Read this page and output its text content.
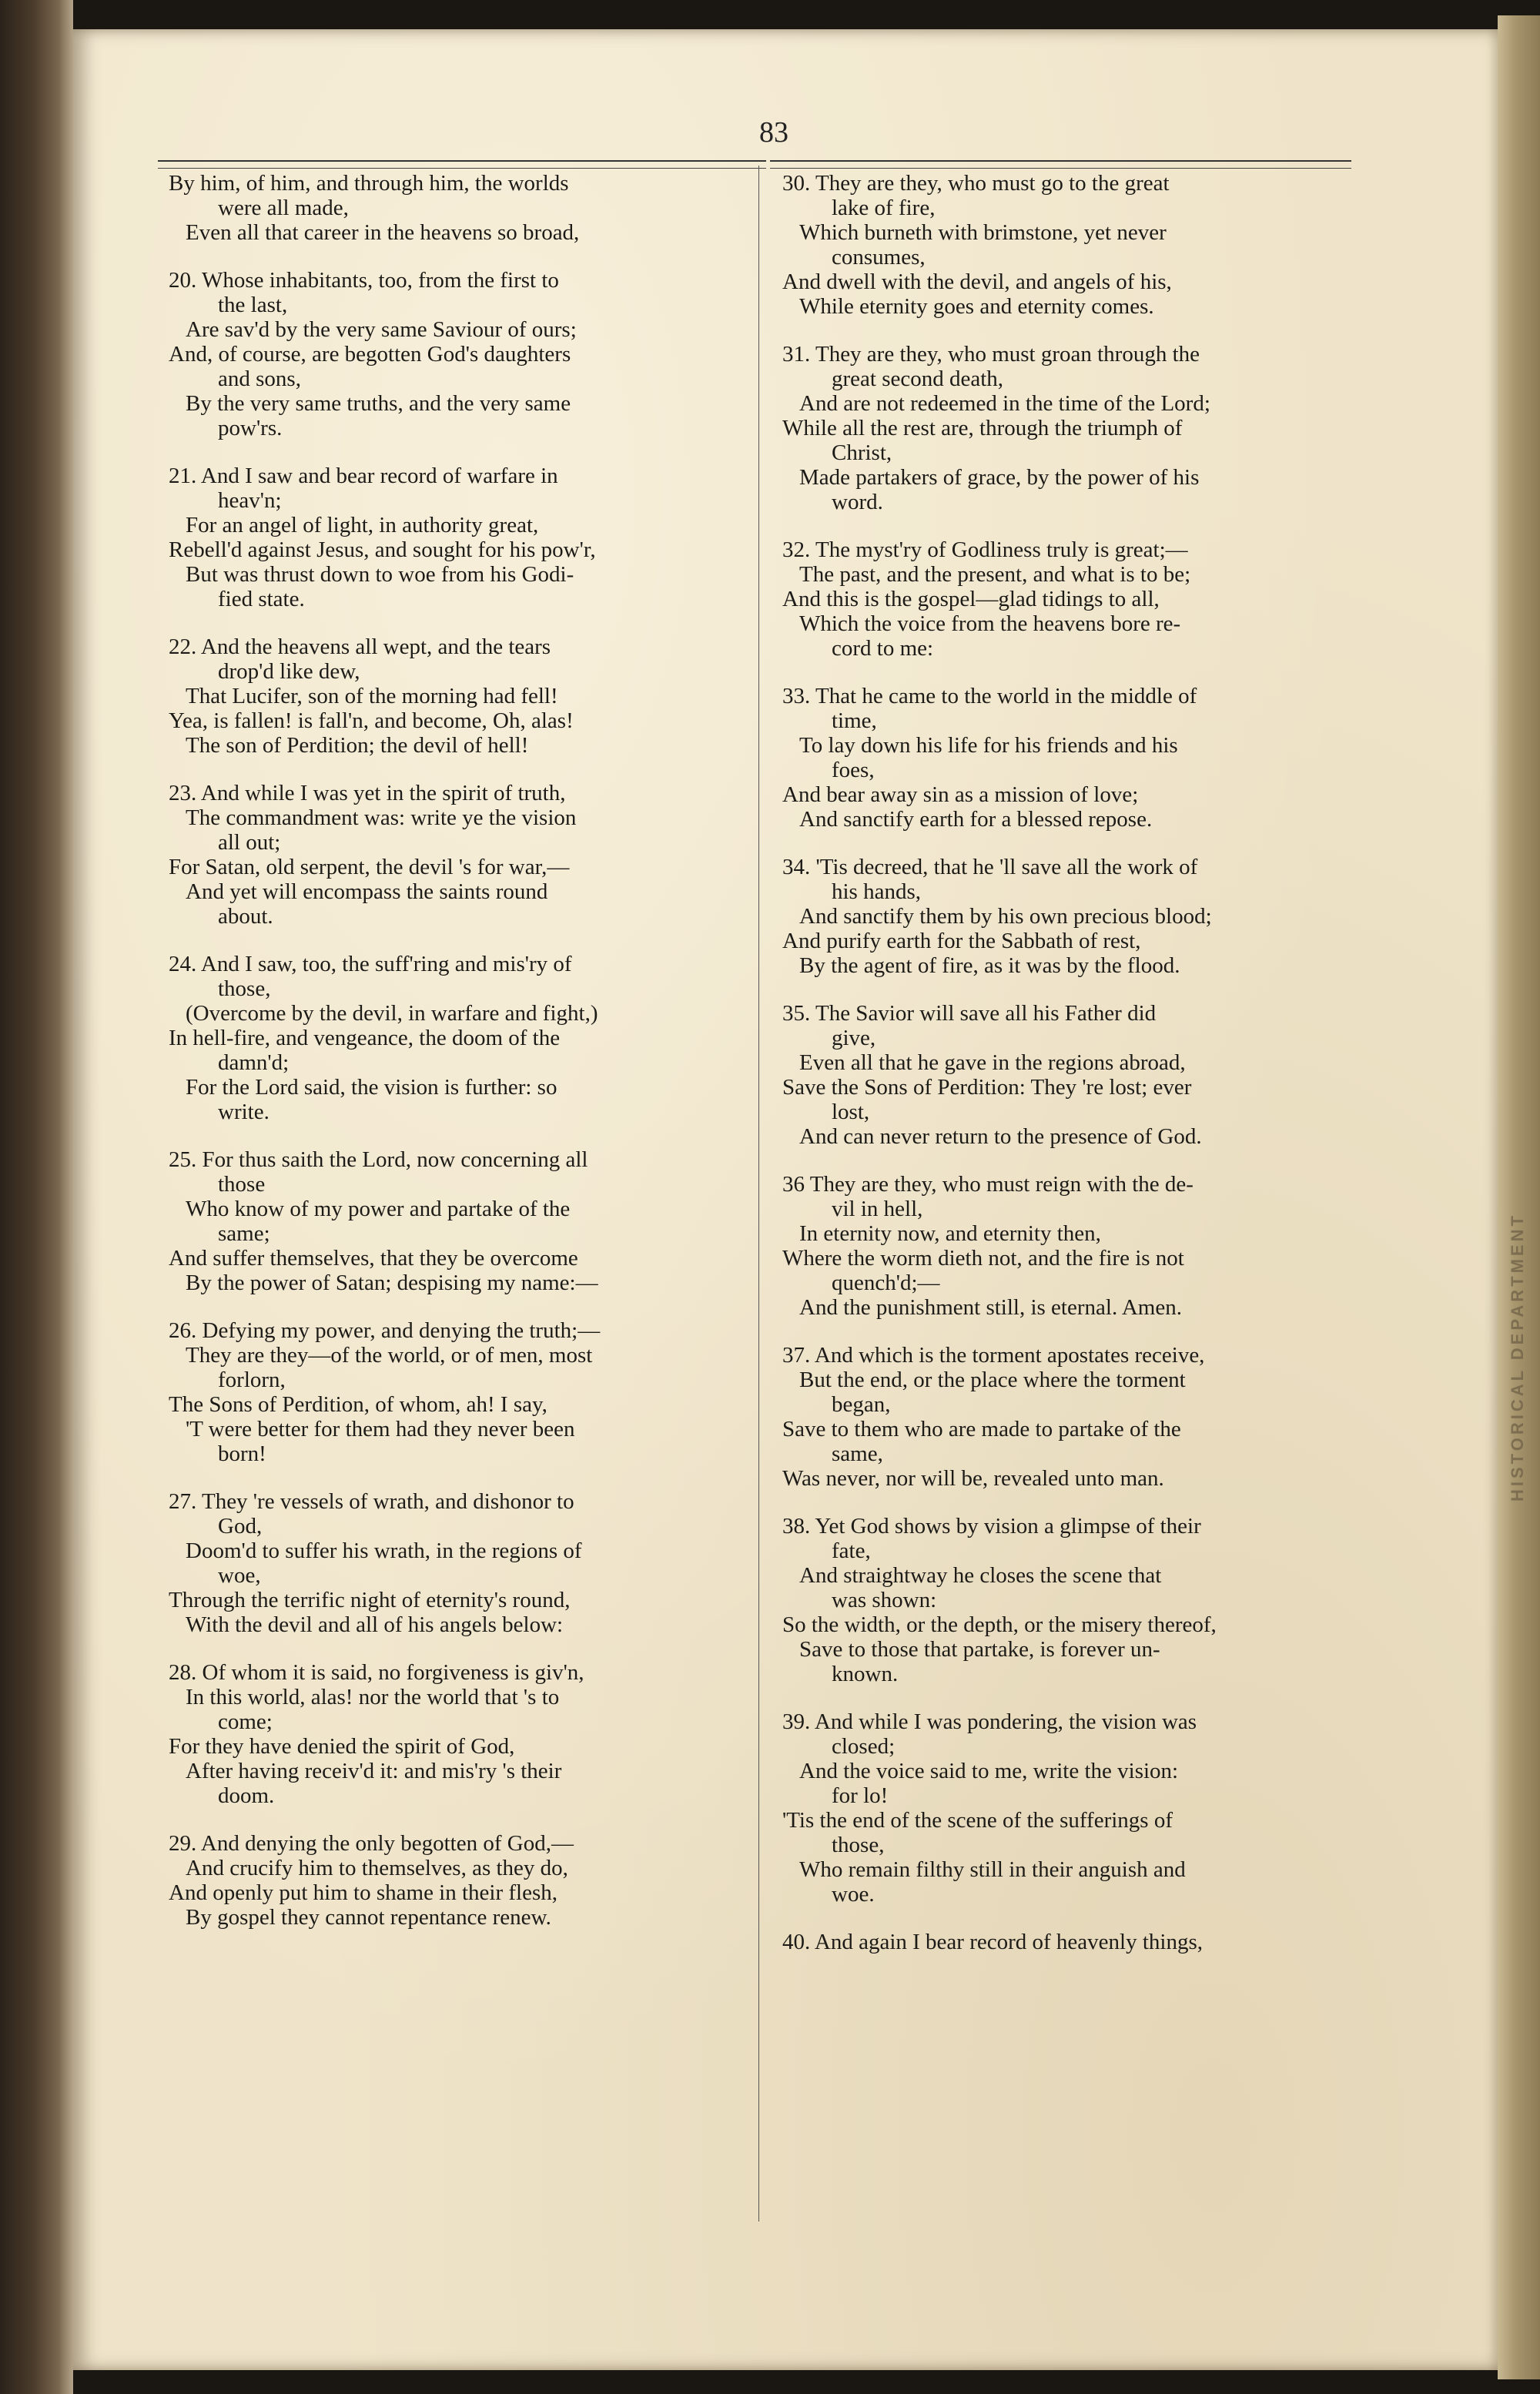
HISTORICAL DEPARTMENT
83

By him, of him, and through him, the worlds

were all made,

Even all that career in the heavens so broad,

20. Whose inhabitants, too, from the first to

the last,

Are sav'd by the very same Saviour of ours;

And, of course, are begotten God's daughters

and sons,

By the very same truths, and the very same

pow'rs.

21. And I saw and bear record of warfare in

heav'n;

For an angel of light, in authority great,

Rebell'd against Jesus, and sought for his pow'r,

But was thrust down to woe from his Godi-

fied state.

22. And the heavens all wept, and the tears

drop'd like dew,

That Lucifer, son of the morning had fell!

Yea, is fallen! is fall'n, and become, Oh, alas!

The son of Perdition; the devil of hell!

23. And while I was yet in the spirit of truth,

The commandment was: write ye the vision

all out;

For Satan, old serpent, the devil 's for war,—

And yet will encompass the saints round

about.

24. And I saw, too, the suff'ring and mis'ry of

those,

(Overcome by the devil, in warfare and fight,)

In hell-fire, and vengeance, the doom of the

damn'd;

For the Lord said, the vision is further: so

write.

25. For thus saith the Lord, now concerning all

those

Who know of my power and partake of the

same;

And suffer themselves, that they be overcome

By the power of Satan; despising my name:—

26. Defying my power, and denying the truth;—

They are they—of the world, or of men, most

forlorn,

The Sons of Perdition, of whom, ah! I say,

'T were better for them had they never been

born!

27. They 're vessels of wrath, and dishonor to

God,

Doom'd to suffer his wrath, in the regions of

woe,

Through the terrific night of eternity's round,

With the devil and all of his angels below:

28. Of whom it is said, no forgiveness is giv'n,

In this world, alas! nor the world that 's to

come;

For they have denied the spirit of God,

After having receiv'd it: and mis'ry 's their

doom.

29. And denying the only begotten of God,—

And crucify him to themselves, as they do,

And openly put him to shame in their flesh,

By gospel they cannot repentance renew.

30. They are they, who must go to the great

lake of fire,

Which burneth with brimstone, yet never

consumes,

And dwell with the devil, and angels of his,

While eternity goes and eternity comes.

31. They are they, who must groan through the

great second death,

And are not redeemed in the time of the Lord;

While all the rest are, through the triumph of

Christ,

Made partakers of grace, by the power of his

word.

32. The myst'ry of Godliness truly is great;—

The past, and the present, and what is to be;

And this is the gospel—glad tidings to all,

Which the voice from the heavens bore re-

cord to me:

33. That he came to the world in the middle of

time,

To lay down his life for his friends and his

foes,

And bear away sin as a mission of love;

And sanctify earth for a blessed repose.

34. 'Tis decreed, that he 'll save all the work of

his hands,

And sanctify them by his own precious blood;

And purify earth for the Sabbath of rest,

By the agent of fire, as it was by the flood.

35. The Savior will save all his Father did

give,

Even all that he gave in the regions abroad,

Save the Sons of Perdition: They 're lost; ever

lost,

And can never return to the presence of God.

36 They are they, who must reign with the de-

vil in hell,

In eternity now, and eternity then,

Where the worm dieth not, and the fire is not

quench'd;—

And the punishment still, is eternal. Amen.

37. And which is the torment apostates receive,

But the end, or the place where the torment

began,

Save to them who are made to partake of the

same,

Was never, nor will be, revealed unto man.

38. Yet God shows by vision a glimpse of their

fate,

And straightway he closes the scene that

was shown:

So the width, or the depth, or the misery thereof,

Save to those that partake, is forever un-

known.

39. And while I was pondering, the vision was

closed;

And the voice said to me, write the vision:

for lo!

'Tis the end of the scene of the sufferings of

those,

Who remain filthy still in their anguish and

woe.

40. And again I bear record of heavenly things,
